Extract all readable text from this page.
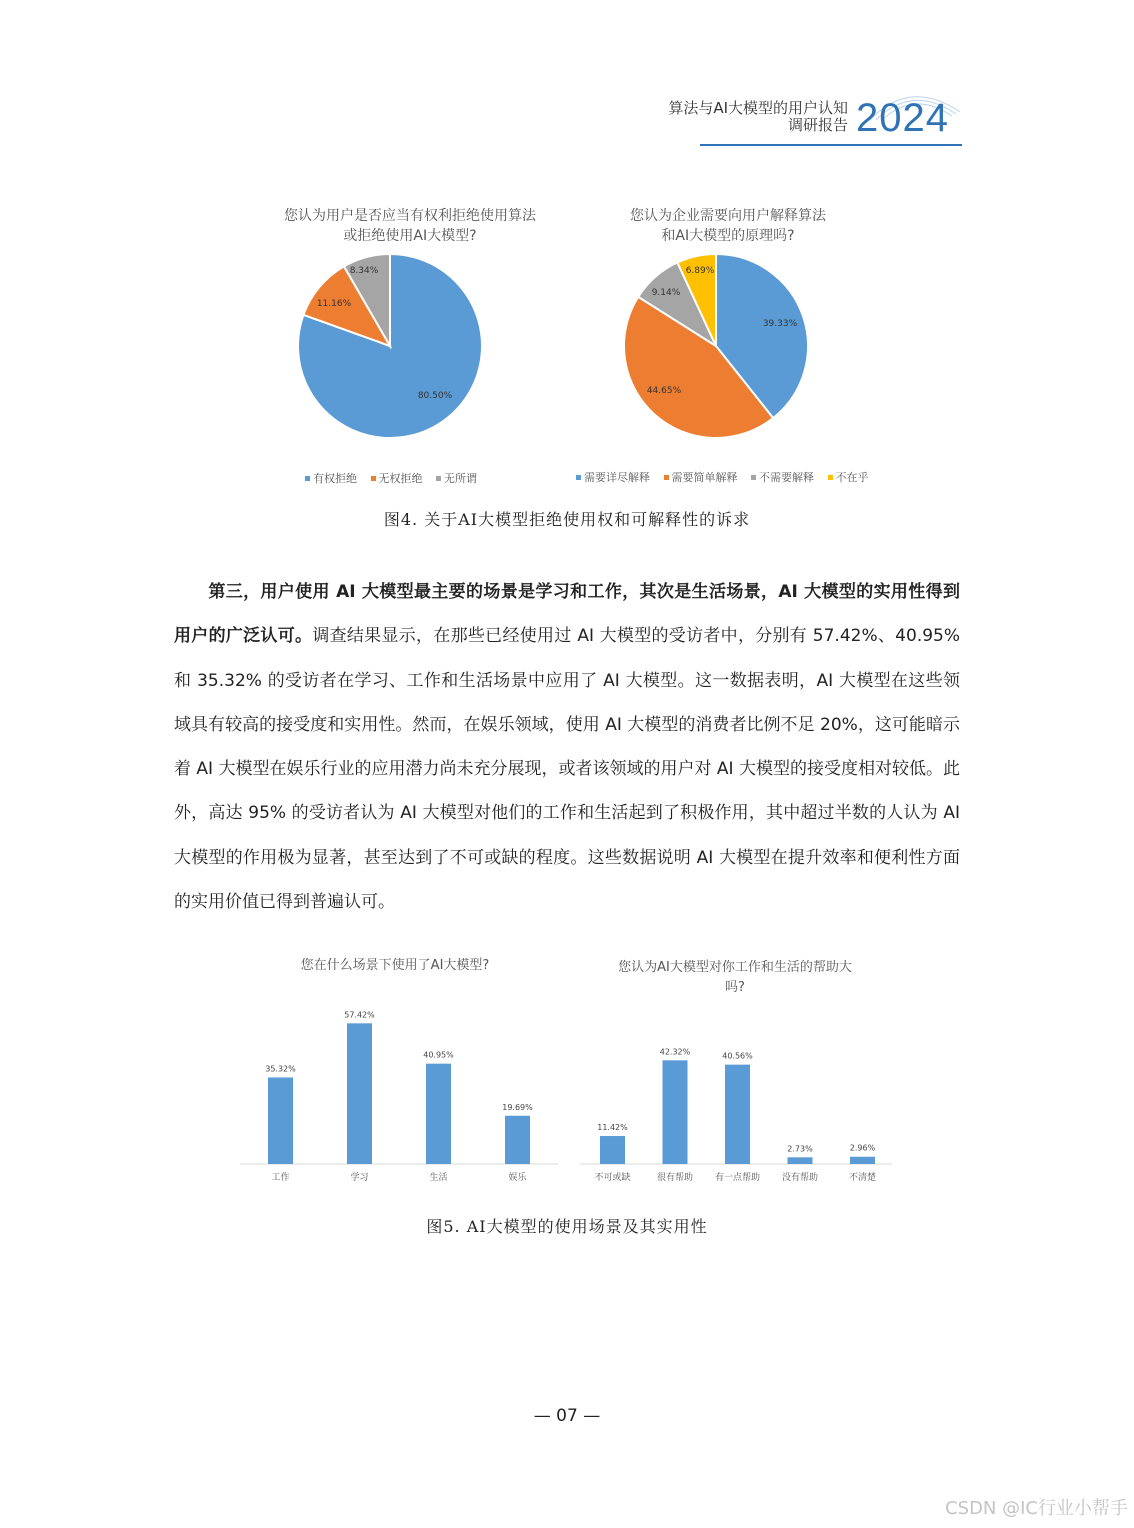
算法与AI大模型的用户认知
调研报告 2024
您认为用户是否应当有权利拒绝使用算法
或拒绝使用AI大模型?
80.50%
11.16%
8.34%
有权拒绝 无权拒绝 无所谓
您认为企业需要向用户解释算法
和AI大模型的原理吗?
39.33%
44.65%
9.14%
6.89%
需要详尽解释 需要简单解释 不需要解释 不在乎
图4. 关于AI大模型拒绝使用权和可解释性的诉求
第三，用户使用 AI 大模型最主要的场景是学习和工作，其次是生活场景，AI 大模型的实用性得到用户的广泛认可。调查结果显示，在那些已经使用过 AI 大模型的受访者中，分别有 57.42%、40.95% 和 35.32% 的受访者在学习、工作和生活场景中应用了 AI 大模型。这一数据表明，AI 大模型在这些领域具有较高的接受度和实用性。然而，在娱乐领域，使用 AI 大模型的消费者比例不足 20%，这可能暗示着 AI 大模型在娱乐行业的应用潜力尚未充分展现，或者该领域的用户对 AI 大模型的接受度相对较低。此外，高达 95% 的受访者认为 AI 大模型对他们的工作和生活起到了积极作用，其中超过半数的人认为 AI 大模型的作用极为显著，甚至达到了不可或缺的程度。这些数据说明 AI 大模型在提升效率和便利性方面的实用价值已得到普遍认可。
您在什么场景下使用了AI大模型?
35.32%
工作
57.42%
学习
40.95%
生活
19.69%
娱乐
您认为AI大模型对你工作和生活的帮助大
吗?
11.42%
不可或缺
42.32%
很有帮助
40.56%
有一点帮助
2.73%
没有帮助
2.96%
不清楚
图5. AI大模型的使用场景及其实用性
— 07 —
CSDN @IC行业小帮手
